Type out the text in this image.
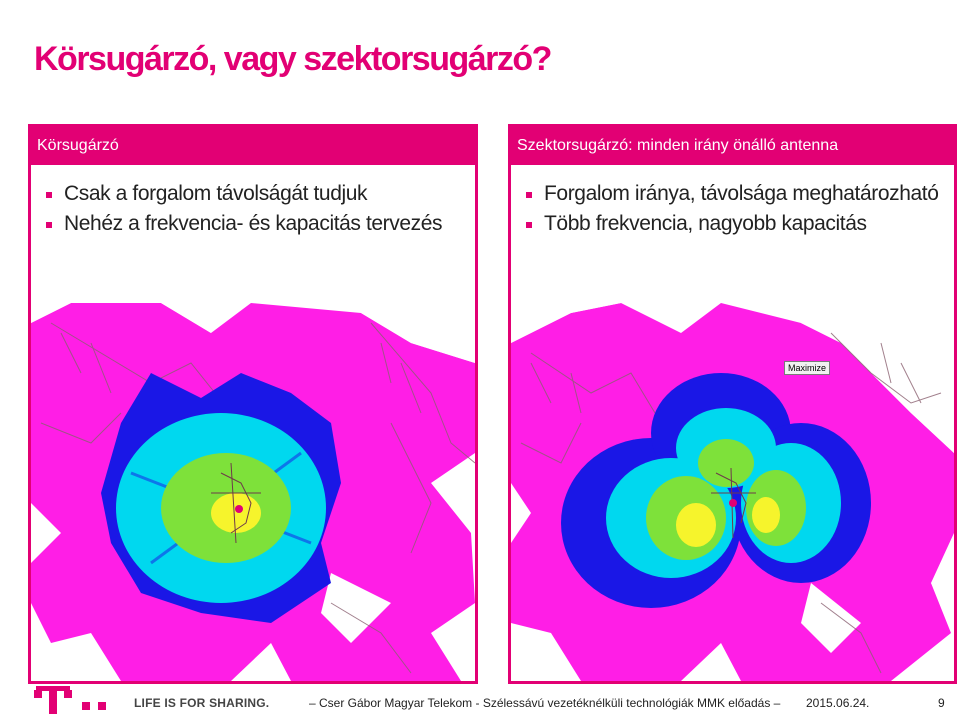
Körsugárzó, vagy szektorsugárzó?
Körsugárzó
Csak a forgalom távolságát tudjuk
Nehéz a frekvencia- és kapacitás tervezés
Szektorsugárzó: minden irány önálló antenna
Forgalom iránya, távolsága meghatározható
Több frekvencia, nagyobb kapacitás
Maximize
LIFE IS FOR SHARING.	– Cser Gábor Magyar Telekom - Szélessávú vezetéknélküli technológiák MMK előadás – 2015.06.24.	9
